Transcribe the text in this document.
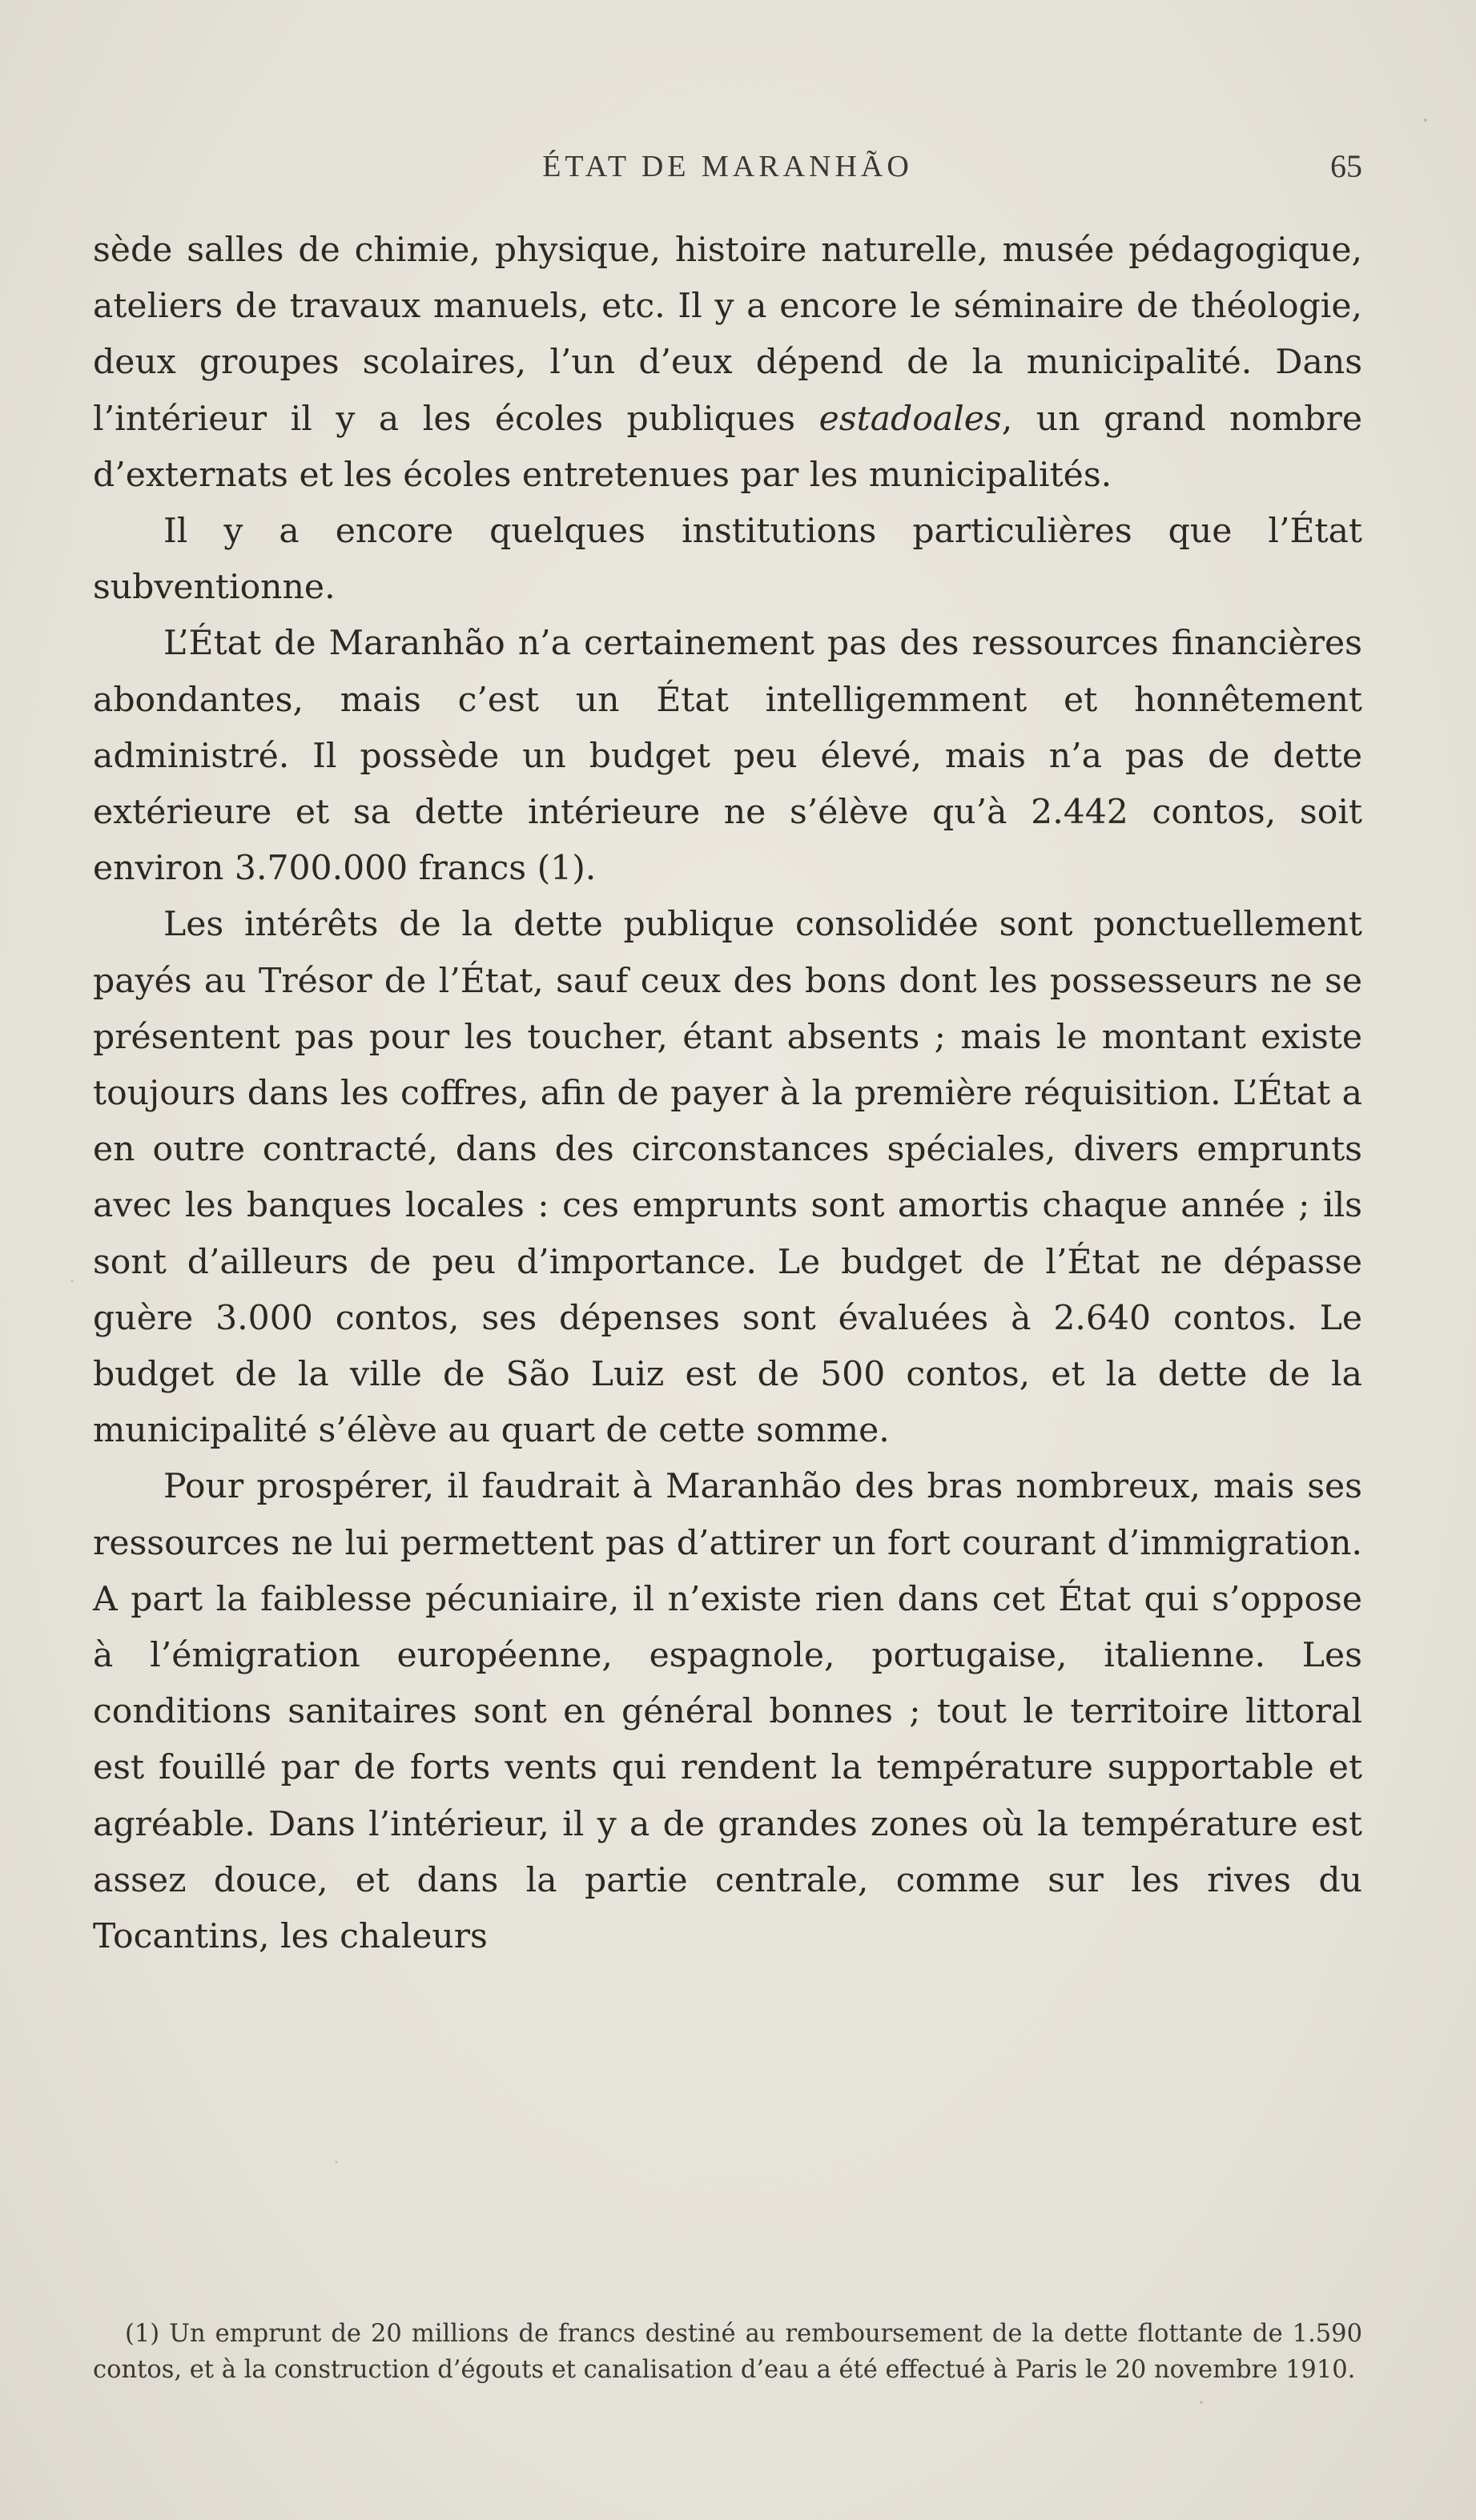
ÉTAT DE MARANHÃO	65

sède salles de chimie, physique, histoire naturelle, musée pédagogique, ateliers de travaux manuels, etc. Il y a encore le séminaire de théologie, deux groupes scolaires, l’un d’eux dépend de la municipalité. Dans l’intérieur il y a les écoles publiques estadoales, un grand nombre d’externats et les écoles entretenues par les municipalités.

Il y a encore quelques institutions particulières que l’État subventionne.

L’État de Maranhão n’a certainement pas des ressources financières abondantes, mais c’est un État intelligemment et honnêtement administré. Il possède un budget peu élevé, mais n’a pas de dette extérieure et sa dette intérieure ne s’élève qu’à 2.442 contos, soit environ 3.700.000 francs (1).

Les intérêts de la dette publique consolidée sont ponctuellement payés au Trésor de l’État, sauf ceux des bons dont les possesseurs ne se présentent pas pour les toucher, étant absents ; mais le montant existe toujours dans les coffres, afin de payer à la première réquisition. L’État a en outre contracté, dans des circonstances spéciales, divers emprunts avec les banques locales : ces emprunts sont amortis chaque année ; ils sont d’ailleurs de peu d’importance. Le budget de l’État ne dépasse guère 3.000 contos, ses dépenses sont évaluées à 2.640 contos. Le budget de la ville de São Luiz est de 500 contos, et la dette de la municipalité s’élève au quart de cette somme.

Pour prospérer, il faudrait à Maranhão des bras nombreux, mais ses ressources ne lui permettent pas d’attirer un fort courant d’immigration. A part la faiblesse pécuniaire, il n’existe rien dans cet État qui s’oppose à l’émigration européenne, espagnole, portugaise, italienne. Les conditions sanitaires sont en général bonnes ; tout le territoire littoral est fouillé par de forts vents qui rendent la température supportable et agréable. Dans l’intérieur, il y a de grandes zones où la température est assez douce, et dans la partie centrale, comme sur les rives du Tocantins, les chaleurs

(1) Un emprunt de 20 millions de francs destiné au remboursement de la dette flottante de 1.590 contos, et à la construction d’égouts et canalisation d’eau a été effectué à Paris le 20 novembre 1910.
